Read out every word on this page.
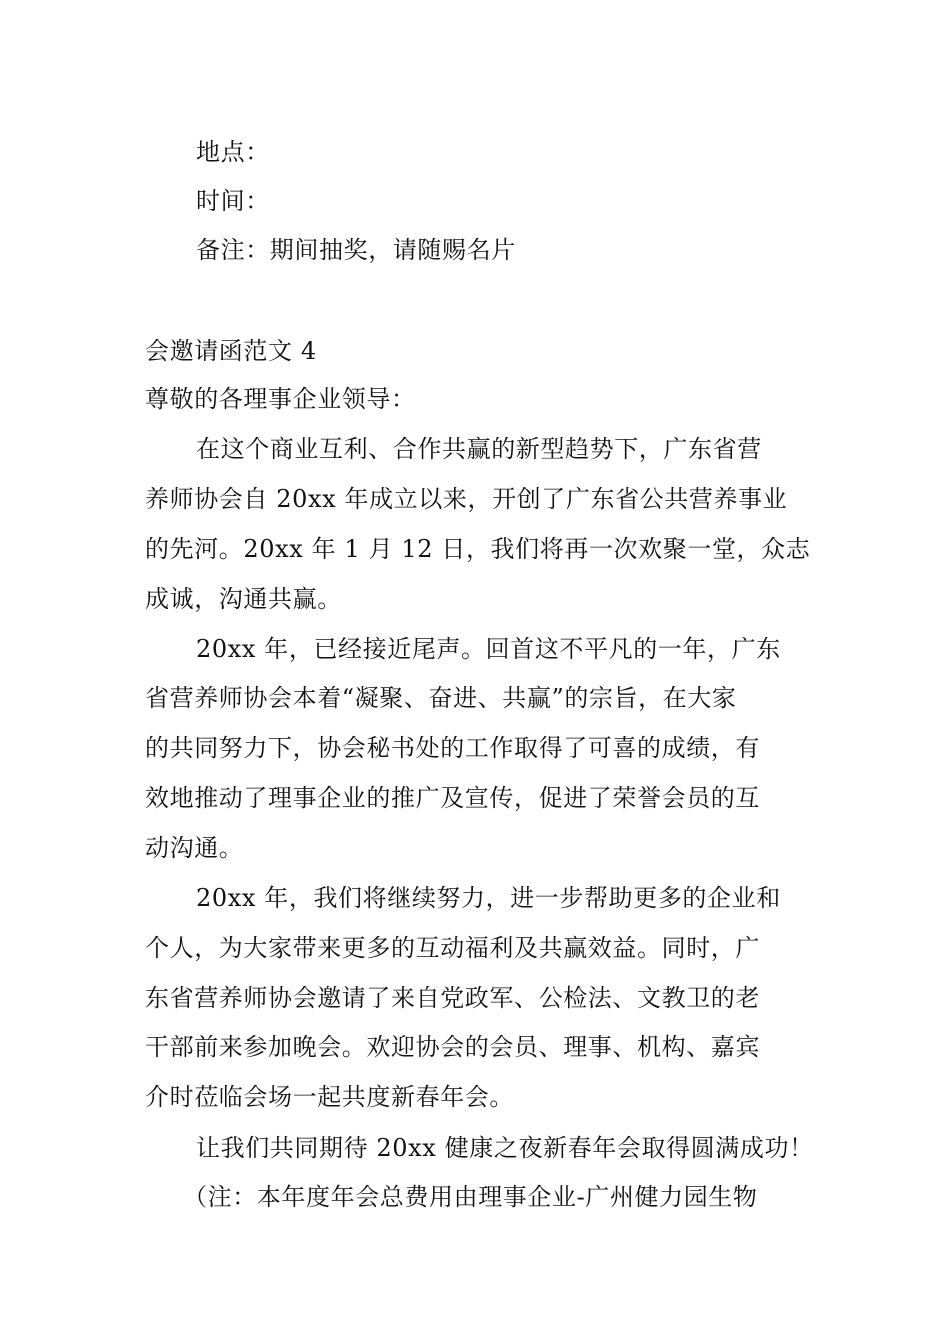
地点：
时间：
备注：期间抽奖，请随赐名片
会邀请函范文 4
尊敬的各理事企业领导：
在这个商业互利、合作共赢的新型趋势下，广东省营
养师协会自 20xx 年成立以来，开创了广东省公共营养事业
的先河。20xx 年 1 月 12 日，我们将再一次欢聚一堂，众志
成诚，沟通共赢。
20xx 年，已经接近尾声。回首这不平凡的一年，广东
省营养师协会本着“凝聚、奋进、共赢”的宗旨，在大家
的共同努力下，协会秘书处的工作取得了可喜的成绩，有
效地推动了理事企业的推广及宣传，促进了荣誉会员的互
动沟通。
20xx 年，我们将继续努力，进一步帮助更多的企业和
个人，为大家带来更多的互动福利及共赢效益。同时，广
东省营养师协会邀请了来自党政军、公检法、文教卫的老
干部前来参加晚会。欢迎协会的会员、理事、机构、嘉宾
介时莅临会场一起共度新春年会。
让我们共同期待 20xx 健康之夜新春年会取得圆满成功！
（注：本年度年会总费用由理事企业-广州健力园生物
